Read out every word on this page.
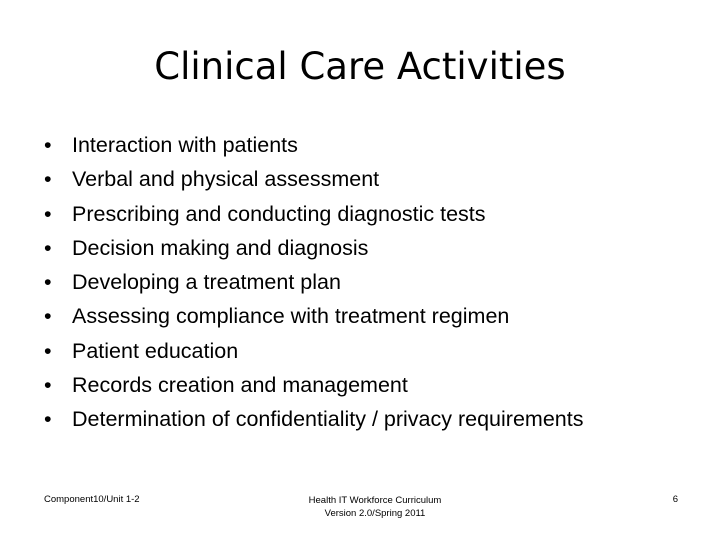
Clinical Care Activities
• Interaction with patients
• Verbal and physical assessment
• Prescribing and conducting diagnostic tests
• Decision making and diagnosis
• Developing a treatment plan
• Assessing compliance with treatment regimen
• Patient education
• Records creation and management
• Determination of confidentiality / privacy requirements
Component10/Unit 1-2	Health IT Workforce Curriculum
Version 2.0/Spring 2011
6
